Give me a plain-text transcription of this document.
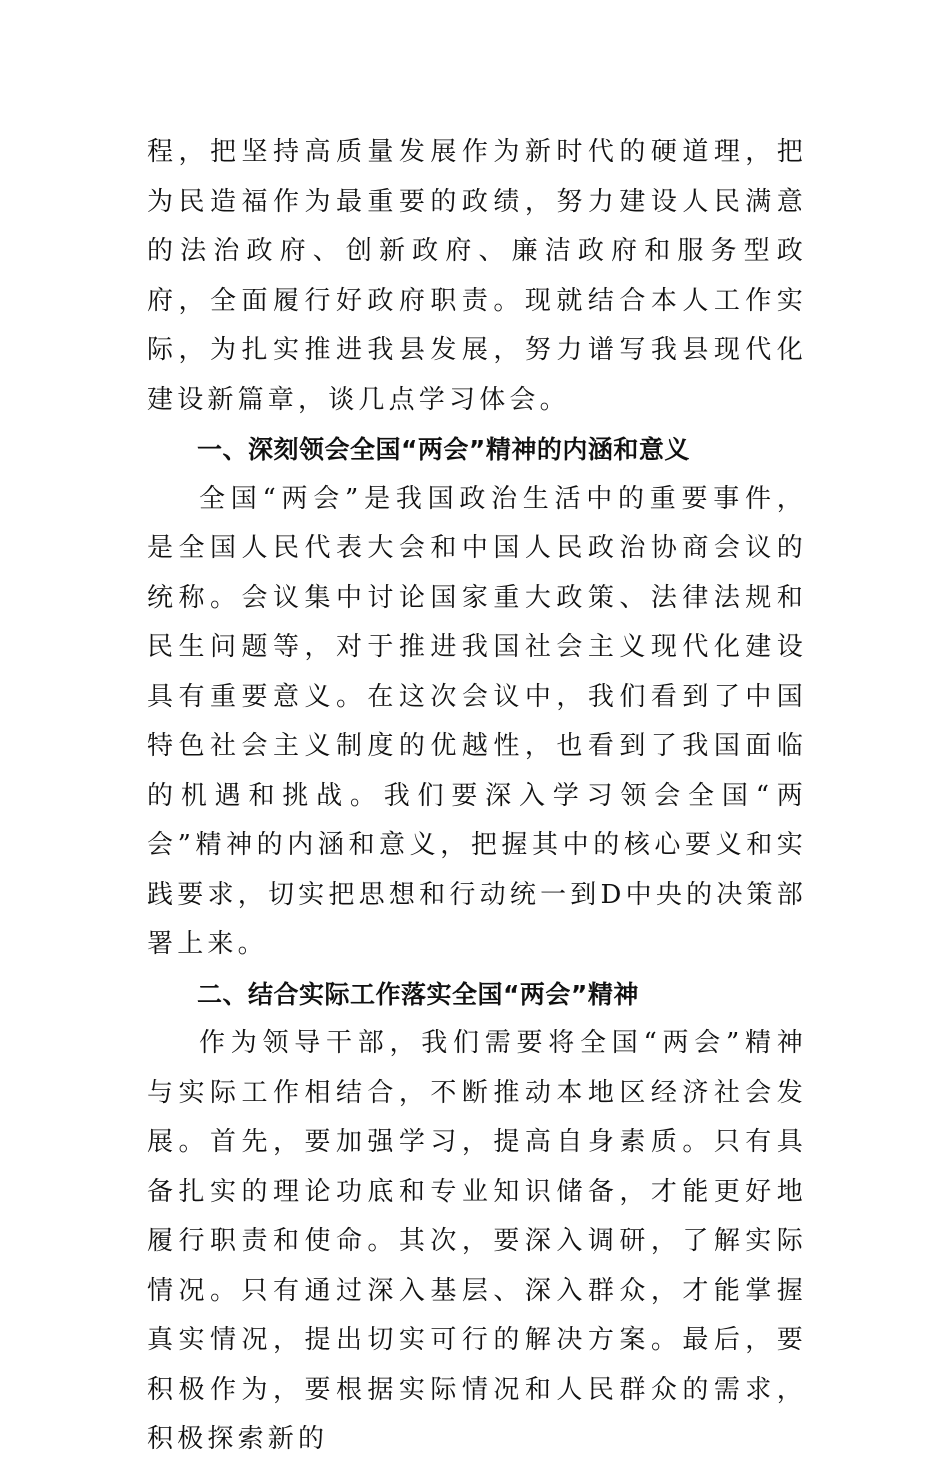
程，把坚持高质量发展作为新时代的硬道理，把为民造福作为最重要的政绩，努力建设人民满意的法治政府、创新政府、廉洁政府和服务型政府，全面履行好政府职责。现就结合本人工作实际，为扎实推进我县发展，努力谱写我县现代化建设新篇章，谈几点学习体会。

一、深刻领会全国“两会”精神的内涵和意义

全国“两会”是我国政治生活中的重要事件，是全国人民代表大会和中国人民政治协商会议的统称。会议集中讨论国家重大政策、法律法规和民生问题等，对于推进我国社会主义现代化建设具有重要意义。在这次会议中，我们看到了中国特色社会主义制度的优越性，也看到了我国面临的机遇和挑战。我们要深入学习领会全国“两会”精神的内涵和意义，把握其中的核心要义和实践要求，切实把思想和行动统一到D中央的决策部署上来。

二、结合实际工作落实全国“两会”精神

作为领导干部，我们需要将全国“两会”精神与实际工作相结合，不断推动本地区经济社会发展。首先，要加强学习，提高自身素质。只有具备扎实的理论功底和专业知识储备，才能更好地履行职责和使命。其次，要深入调研，了解实际情况。只有通过深入基层、深入群众，才能掌握真实情况，提出切实可行的解决方案。最后，要积极作为，要根据实际情况和人民群众的需求，积极探索新的
